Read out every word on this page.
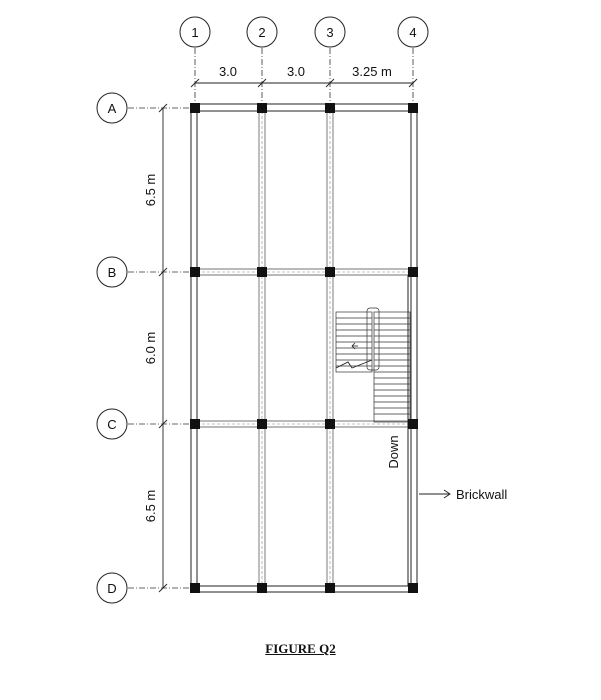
1	2	3	4
3.0	3.0	3.25 m
A
B
C
D
6.5 m
6.0 m
6.5 m
Down
Brickwall
FIGURE Q2
